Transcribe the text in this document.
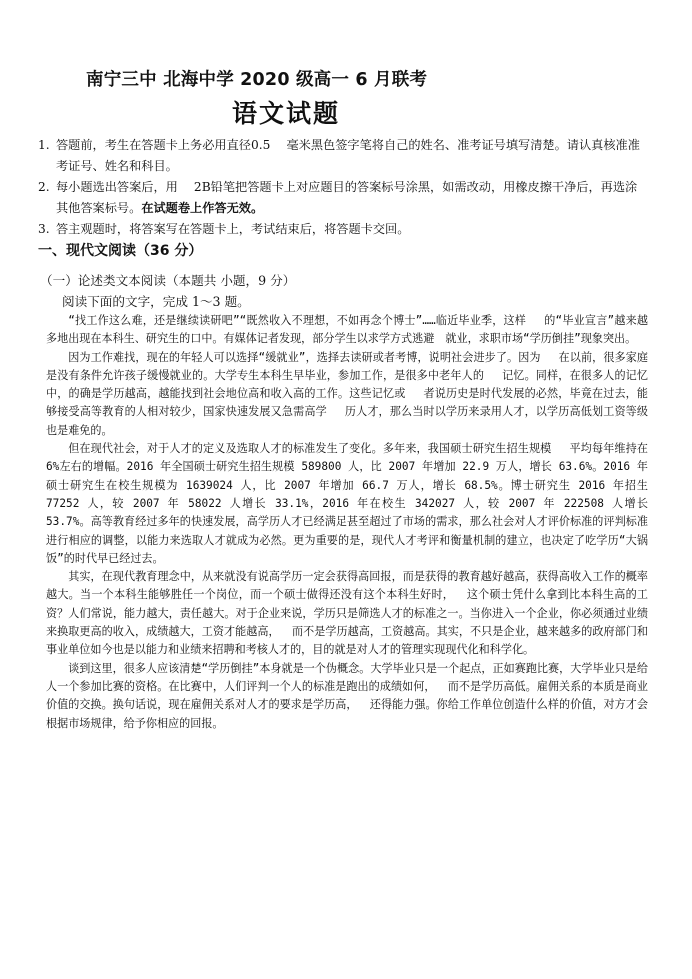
南宁三中 北海中学 2020 级高一 6 月联考
语文试题
1. 答题前，考生在答题卡上务必用直径0.5　 毫米黑色签字笔将自己的姓名、准考证号填写清楚。请认真核准准考证号、姓名和科目。
2. 每小题选出答案后，用　 2B铅笔把答题卡上对应题目的答案标号涂黑，如需改动，用橡皮擦干净后，再选涂其他答案标号。在试题卷上作答无效。
3. 答主观题时，将答案写在答题卡上，考试结束后，将答题卡交回。
一、现代文阅读（36 分）
（一）论述类文本阅读（本题共 小题，9 分）
阅读下面的文字，完成 1～3 题。

“找工作这么难，还是继续读研吧”“既然收入不理想，不如再念个博士”……临近毕业季，这样　 的“毕业宣言”越来越多地出现在本科生、研究生的口中。有媒体记者发现，部分学生以求学方式逃避　就业，求职市场“学历倒挂”现象突出。

因为工作难找，现在的年轻人可以选择“缓就业”，选择去读研或者考博，说明社会进步了。因为　 在以前，很多家庭是没有条件允许孩子缓慢就业的。大学专生本科生早毕业，参加工作，是很多中老年人的　 记忆。同样，在很多人的记忆中，的确是学历越高，越能找到社会地位高和收入高的工作。这些记忆或　 者说历史是时代发展的必然，毕竟在过去，能够接受高等教育的人相对较少，国家快速发展又急需高学　 历人才，那么当时以学历来录用人才，以学历高低划工资等级也是难免的。

但在现代社会，对于人才的定义及选取人才的标准发生了变化。多年来，我国硕士研究生招生规模　 平均每年维持在 6%左右的增幅。2016 年全国硕士研究生招生规模 589800 人，比 2007 年增加 22.9 万人，增长 63.6%。2016 年硕士研究生在校生规模为 1639024 人，比 2007 年增加 66.7 万人，增长 68.5%。博士研究生 2016 年招生 77252 人，较 2007 年 58022 人增长 33.1%，2016 年在校生 342027 人，较 2007 年 222508 人增长 53.7%。高等教育经过多年的快速发展，高学历人才已经满足甚至超过了市场的需求，那么社会对人才评价标准的评判标准进行相应的调整，以能力来选取人才就成为必然。更为重要的是，现代人才考评和衡量机制的建立，也决定了吃学历“大锅饭”的时代早已经过去。

其实，在现代教育理念中，从来就没有说高学历一定会获得高回报，而是获得的教育越好越高，获得高收入工作的概率越大。当一个本科生能够胜任一个岗位，而一个硕士做得还没有这个本科生好时，　 这个硕士凭什么拿到比本科生高的工资？人们常说，能力越大，责任越大。对于企业来说，学历只是筛选人才的标准之一。当你进入一个企业，你必须通过业绩来换取更高的收入，成绩越大，工资才能越高，　 而不是学历越高，工资越高。其实，不只是企业，越来越多的政府部门和事业单位如今也是以能力和业绩来招聘和考核人才的，目的就是对人才的管理实现现代化和科学化。

谈到这里，很多人应该清楚“学历倒挂”本身就是一个伪概念。大学毕业只是一个起点，正如赛跑比赛，大学毕业只是给人一个参加比赛的资格。在比赛中，人们评判一个人的标准是跑出的成绩如何，　 而不是学历高低。雇佣关系的本质是商业价值的交换。换句话说，现在雇佣关系对人才的要求是学历高，　 还得能力强。你给工作单位创造什么样的价值，对方才会根据市场规律，给予你相应的回报。
